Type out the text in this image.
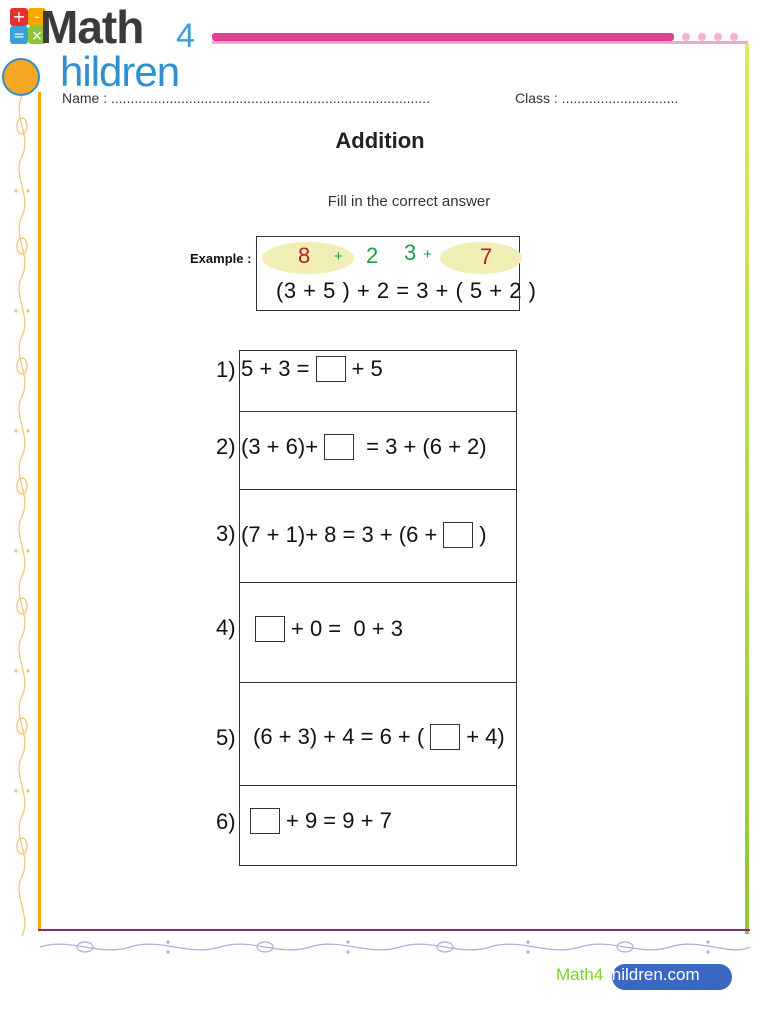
+ -
= ×
Math 4
hildren
Name : ..................................................................................	Class : ..............................
Addition
Fill in the correct answer
Example : 8 + 2 3 + 7
(3 + 5 ) + 2 = 3 + ( 5 + 2 )
1) 5 + 3 = + 5
2) (3 + 6)+ = 3 + (6 + 2)
3) (7 + 1)+ 8 = 3 + (6 + )
4)	+ 0 =  0 + 3
5) (6 + 3) + 4 = 6 + ( + 4)
6) + 9 = 9 + 7
Math4children.com
